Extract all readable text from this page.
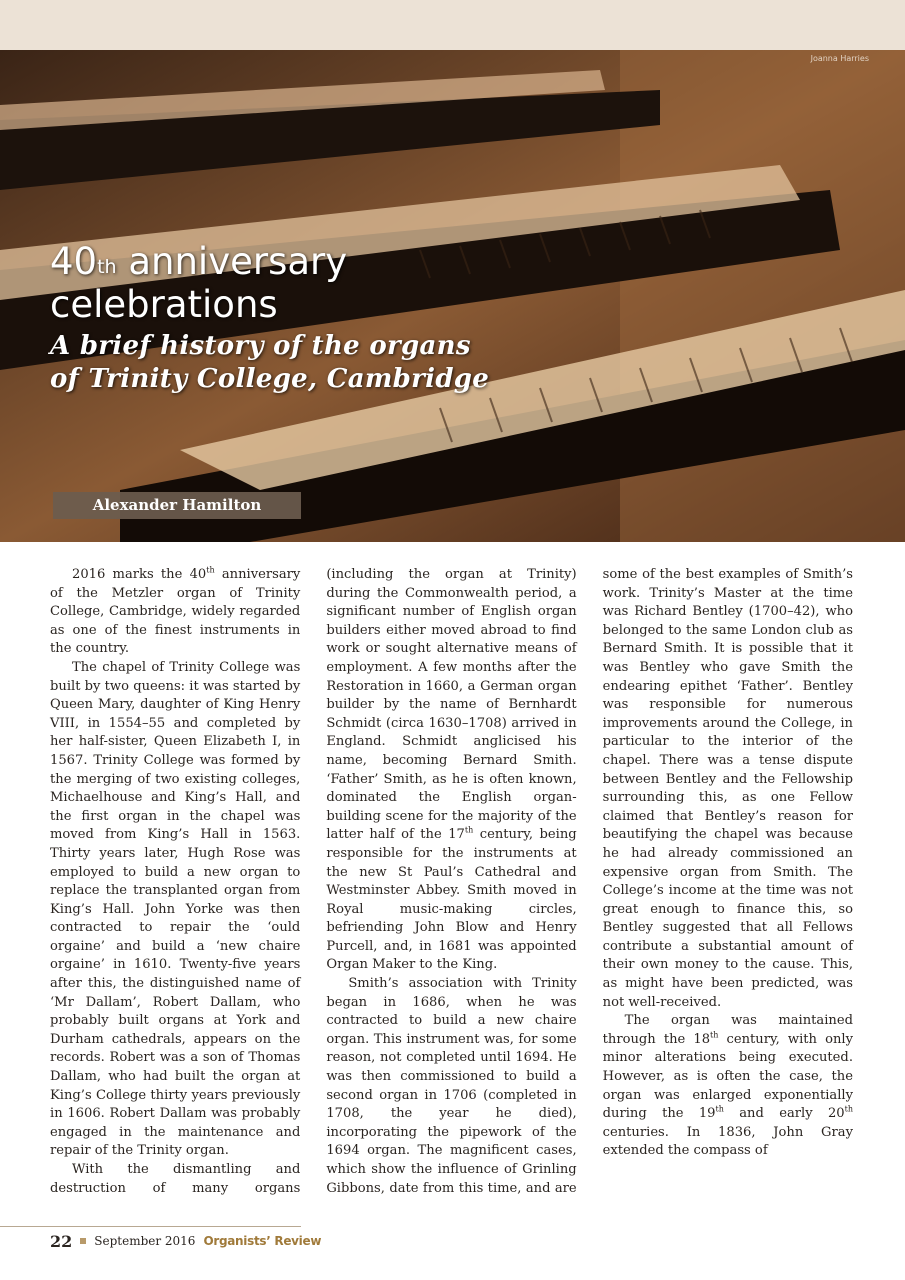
Joanna Harries
40th anniversary
celebrations
A brief history of the organs
of Trinity College, Cambridge
Alexander Hamilton

2016 marks the 40th anniversary of the Metzler organ of Trinity College, Cambridge, widely regarded as one of the finest instruments in the country.

The chapel of Trinity College was built by two queens: it was started by Queen Mary, daughter of King Henry VIII, in 1554–55 and completed by her half-sister, Queen Elizabeth I, in 1567. Trinity College was formed by the merging of two existing colleges, Michaelhouse and King’s Hall, and the first organ in the chapel was moved from King’s Hall in 1563. Thirty years later, Hugh Rose was employed to build a new organ to replace the transplanted organ from King’s Hall. John Yorke was then contracted to repair the ‘ould orgaine’ and build a ‘new chaire orgaine’ in 1610. Twenty-five years after this, the distinguished name of ‘Mr Dallam’, Robert Dallam, who probably built organs at York and Durham cathedrals, appears on the records. Robert was a son of Thomas Dallam, who had built the organ at King’s College thirty years previously in 1606. Robert Dallam was probably engaged in the maintenance and repair of the Trinity organ.

With the dismantling and destruction of many organs (including the organ at Trinity) during the Commonwealth period, a significant number of English organ builders either moved abroad to find work or sought alternative means of employment. A few months after the Restoration in 1660, a German organ builder by the name of Bernhardt Schmidt (circa 1630–1708) arrived in England. Schmidt anglicised his name, becoming Bernard Smith. ‘Father’ Smith, as he is often known, dominated the English organ-building scene for the majority of the latter half of the 17th century, being responsible for the instruments at the new St Paul’s Cathedral and Westminster Abbey. Smith moved in Royal music-making circles, befriending John Blow and Henry Purcell, and, in 1681 was appointed Organ Maker to the King.

Smith’s association with Trinity began in 1686, when he was contracted to build a new chaire organ. This instrument was, for some reason, not completed until 1694. He was then commissioned to build a second organ in 1706 (completed in 1708, the year he died), incorporating the pipework of the 1694 organ. The magnificent cases, which show the influence of Grinling Gibbons, date from this time, and are some of the best examples of Smith’s work. Trinity’s Master at the time was Richard Bentley (1700–42), who belonged to the same London club as Bernard Smith. It is possible that it was Bentley who gave Smith the endearing epithet ‘Father’. Bentley was responsible for numerous improvements around the College, in particular to the interior of the chapel. There was a tense dispute between Bentley and the Fellowship surrounding this, as one Fellow claimed that Bentley’s reason for beautifying the chapel was because he had already commissioned an expensive organ from Smith. The College’s income at the time was not great enough to finance this, so Bentley suggested that all Fellows contribute a substantial amount of their own money to the cause. This, as might have been predicted, was not well-received.

The organ was maintained through the 18th century, with only minor alterations being executed. However, as is often the case, the organ was enlarged exponentially during the 19th and early 20th centuries. In 1836, John Gray extended the compass of

22 September 2016 Organists’ Review
